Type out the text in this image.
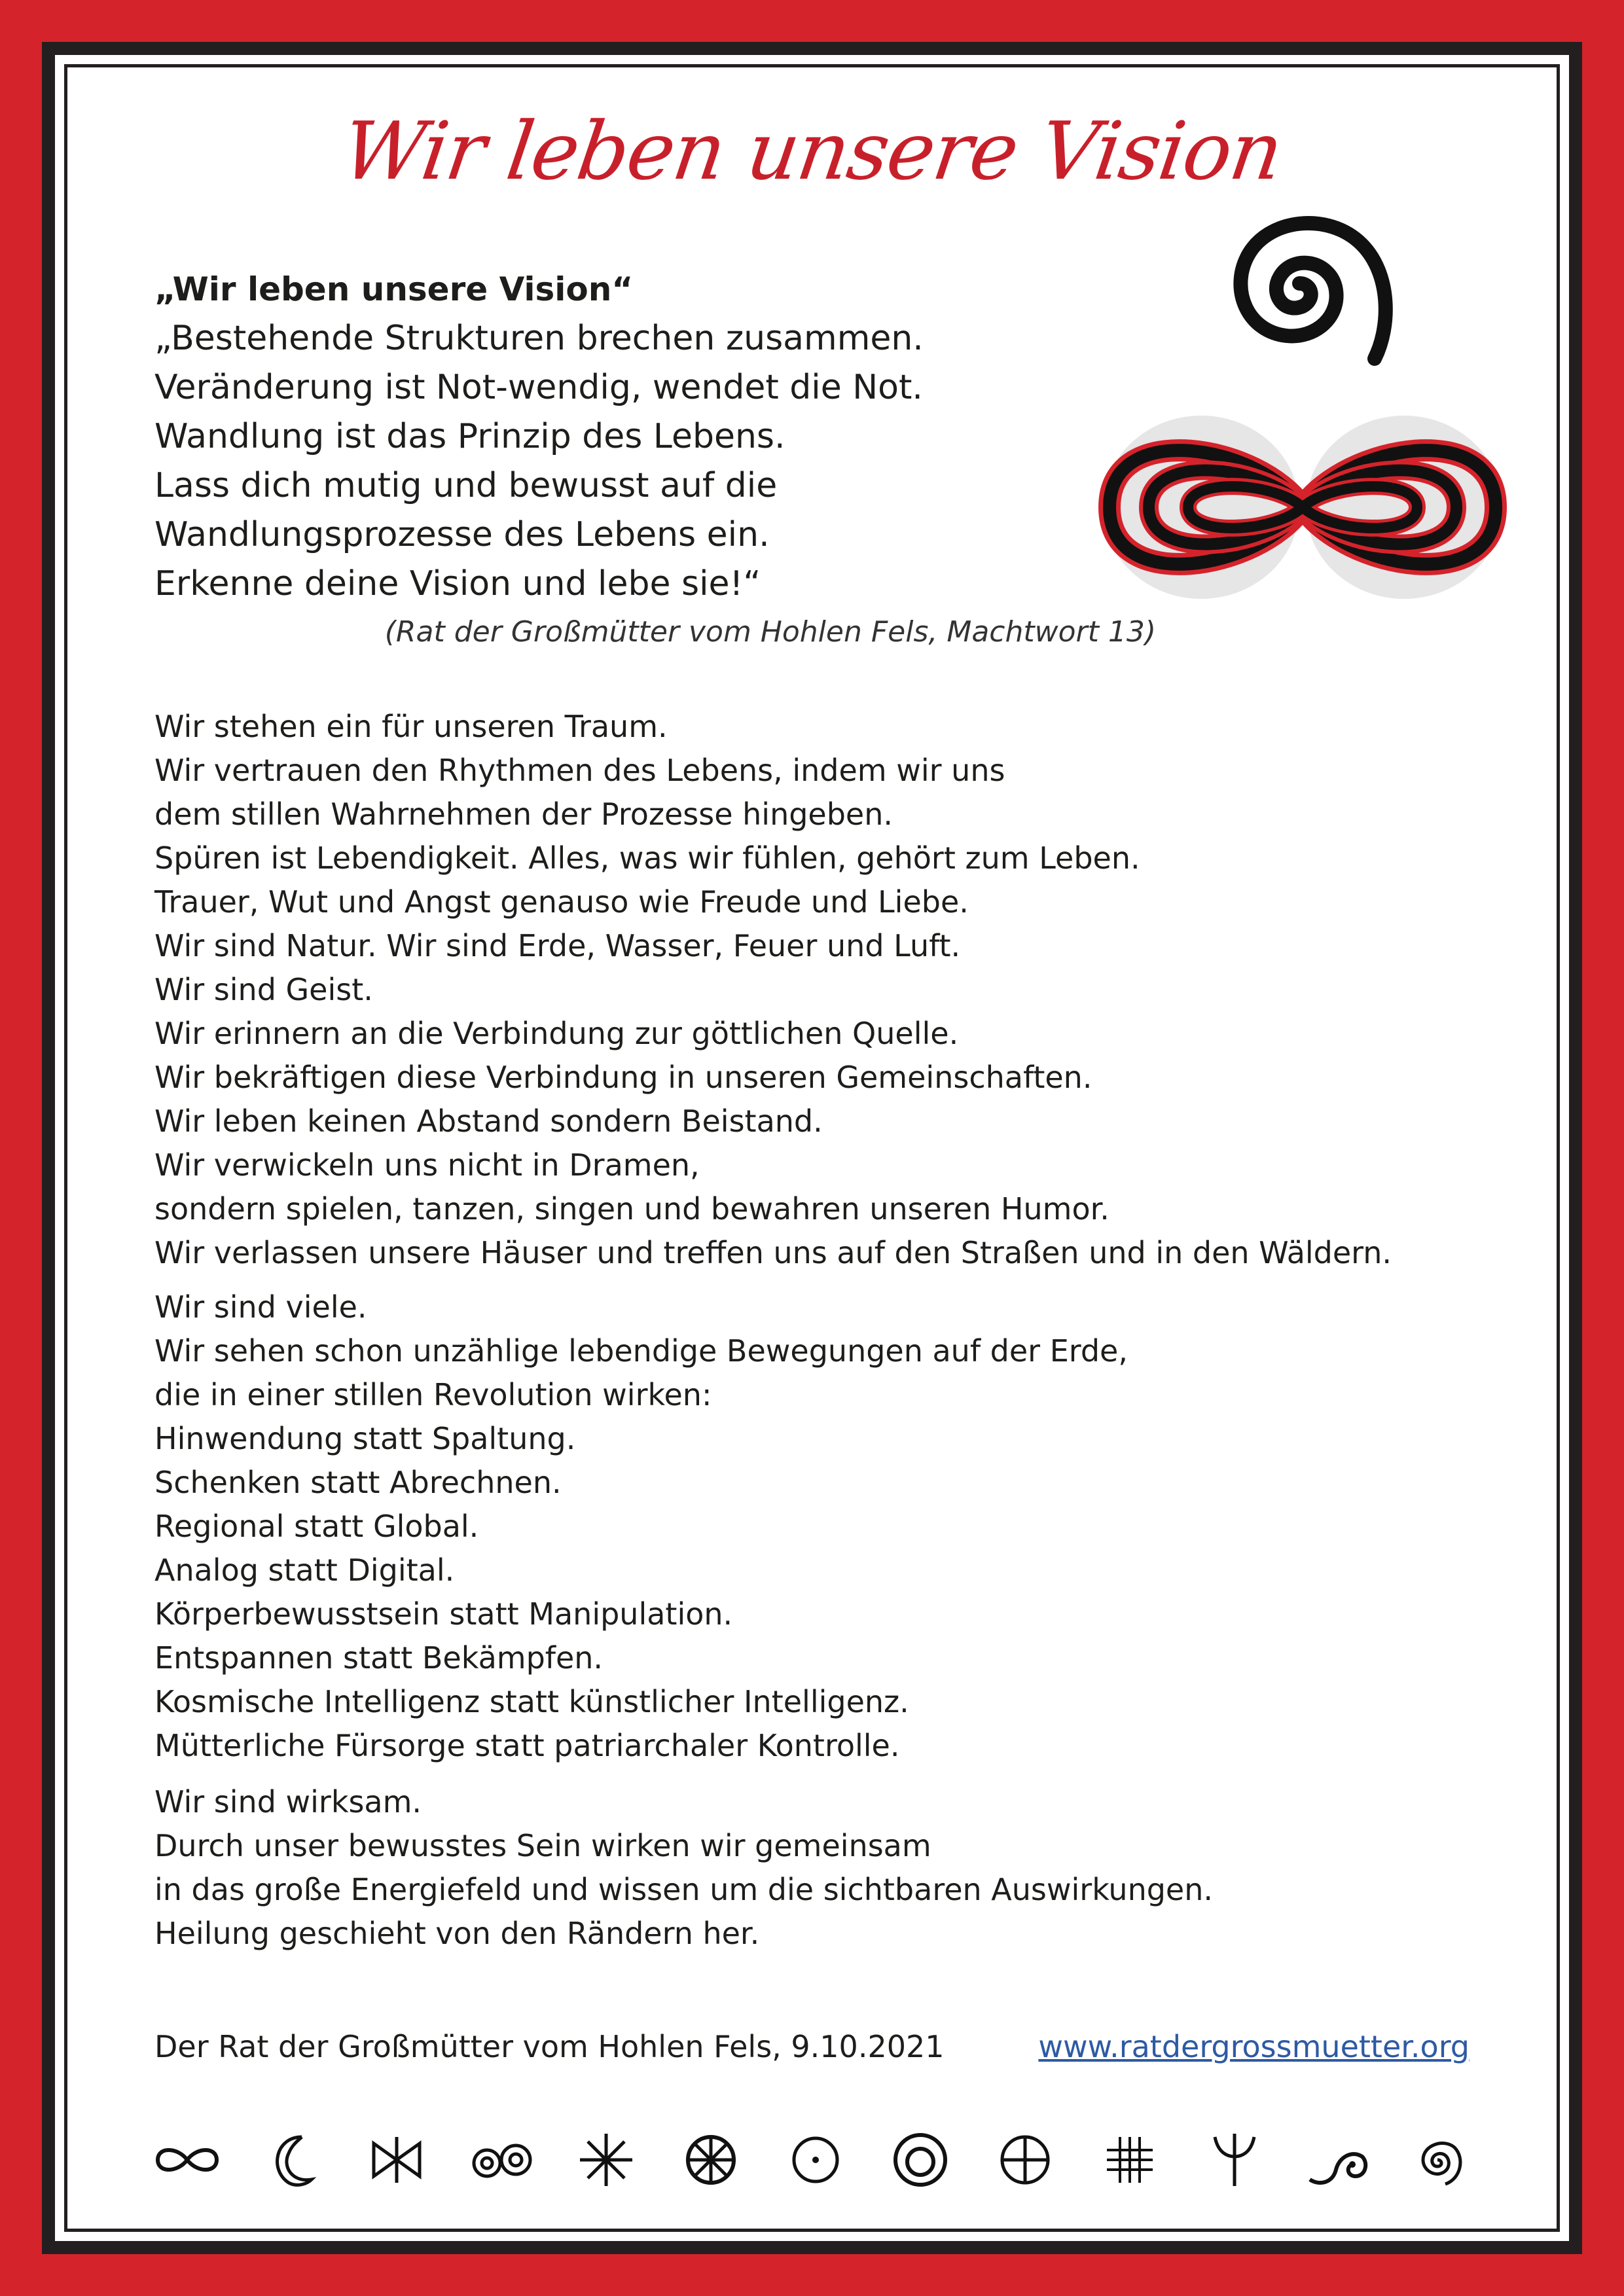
Wir leben unsere Vision
„Wir leben unsere Vision“
„Bestehende Strukturen brechen zusammen.
Veränderung ist Not-wendig, wendet die Not.
Wandlung ist das Prinzip des Lebens.
Lass dich mutig und bewusst auf die
Wandlungsprozesse des Lebens ein.
Erkenne deine Vision und lebe sie!“
(Rat der Großmütter vom Hohlen Fels, Machtwort 13)
Wir stehen ein für unseren Traum.
Wir vertrauen den Rhythmen des Lebens, indem wir uns
dem stillen Wahrnehmen der Prozesse hingeben.
Spüren ist Lebendigkeit. Alles, was wir fühlen, gehört zum Leben.
Trauer, Wut und Angst genauso wie Freude und Liebe.
Wir sind Natur. Wir sind Erde, Wasser, Feuer und Luft.
Wir sind Geist.
Wir erinnern an die Verbindung zur göttlichen Quelle.
Wir bekräftigen diese Verbindung in unseren Gemeinschaften.
Wir leben keinen Abstand sondern Beistand.
Wir verwickeln uns nicht in Dramen,
sondern spielen, tanzen, singen und bewahren unseren Humor.
Wir verlassen unsere Häuser und treffen uns auf den Straßen und in den Wäldern.
Wir sind viele.
Wir sehen schon unzählige lebendige Bewegungen auf der Erde,
die in einer stillen Revolution wirken:
Hinwendung statt Spaltung.
Schenken statt Abrechnen.
Regional statt Global.
Analog statt Digital.
Körperbewusstsein statt Manipulation.
Entspannen statt Bekämpfen.
Kosmische Intelligenz statt künstlicher Intelligenz.
Mütterliche Fürsorge statt patriarchaler Kontrolle.
Wir sind wirksam.
Durch unser bewusstes Sein wirken wir gemeinsam
in das große Energiefeld und wissen um die sichtbaren Auswirkungen.
Heilung geschieht von den Rändern her.
Der Rat der Großmütter vom Hohlen Fels, 9.10.2021	www.ratdergrossmuetter.org
